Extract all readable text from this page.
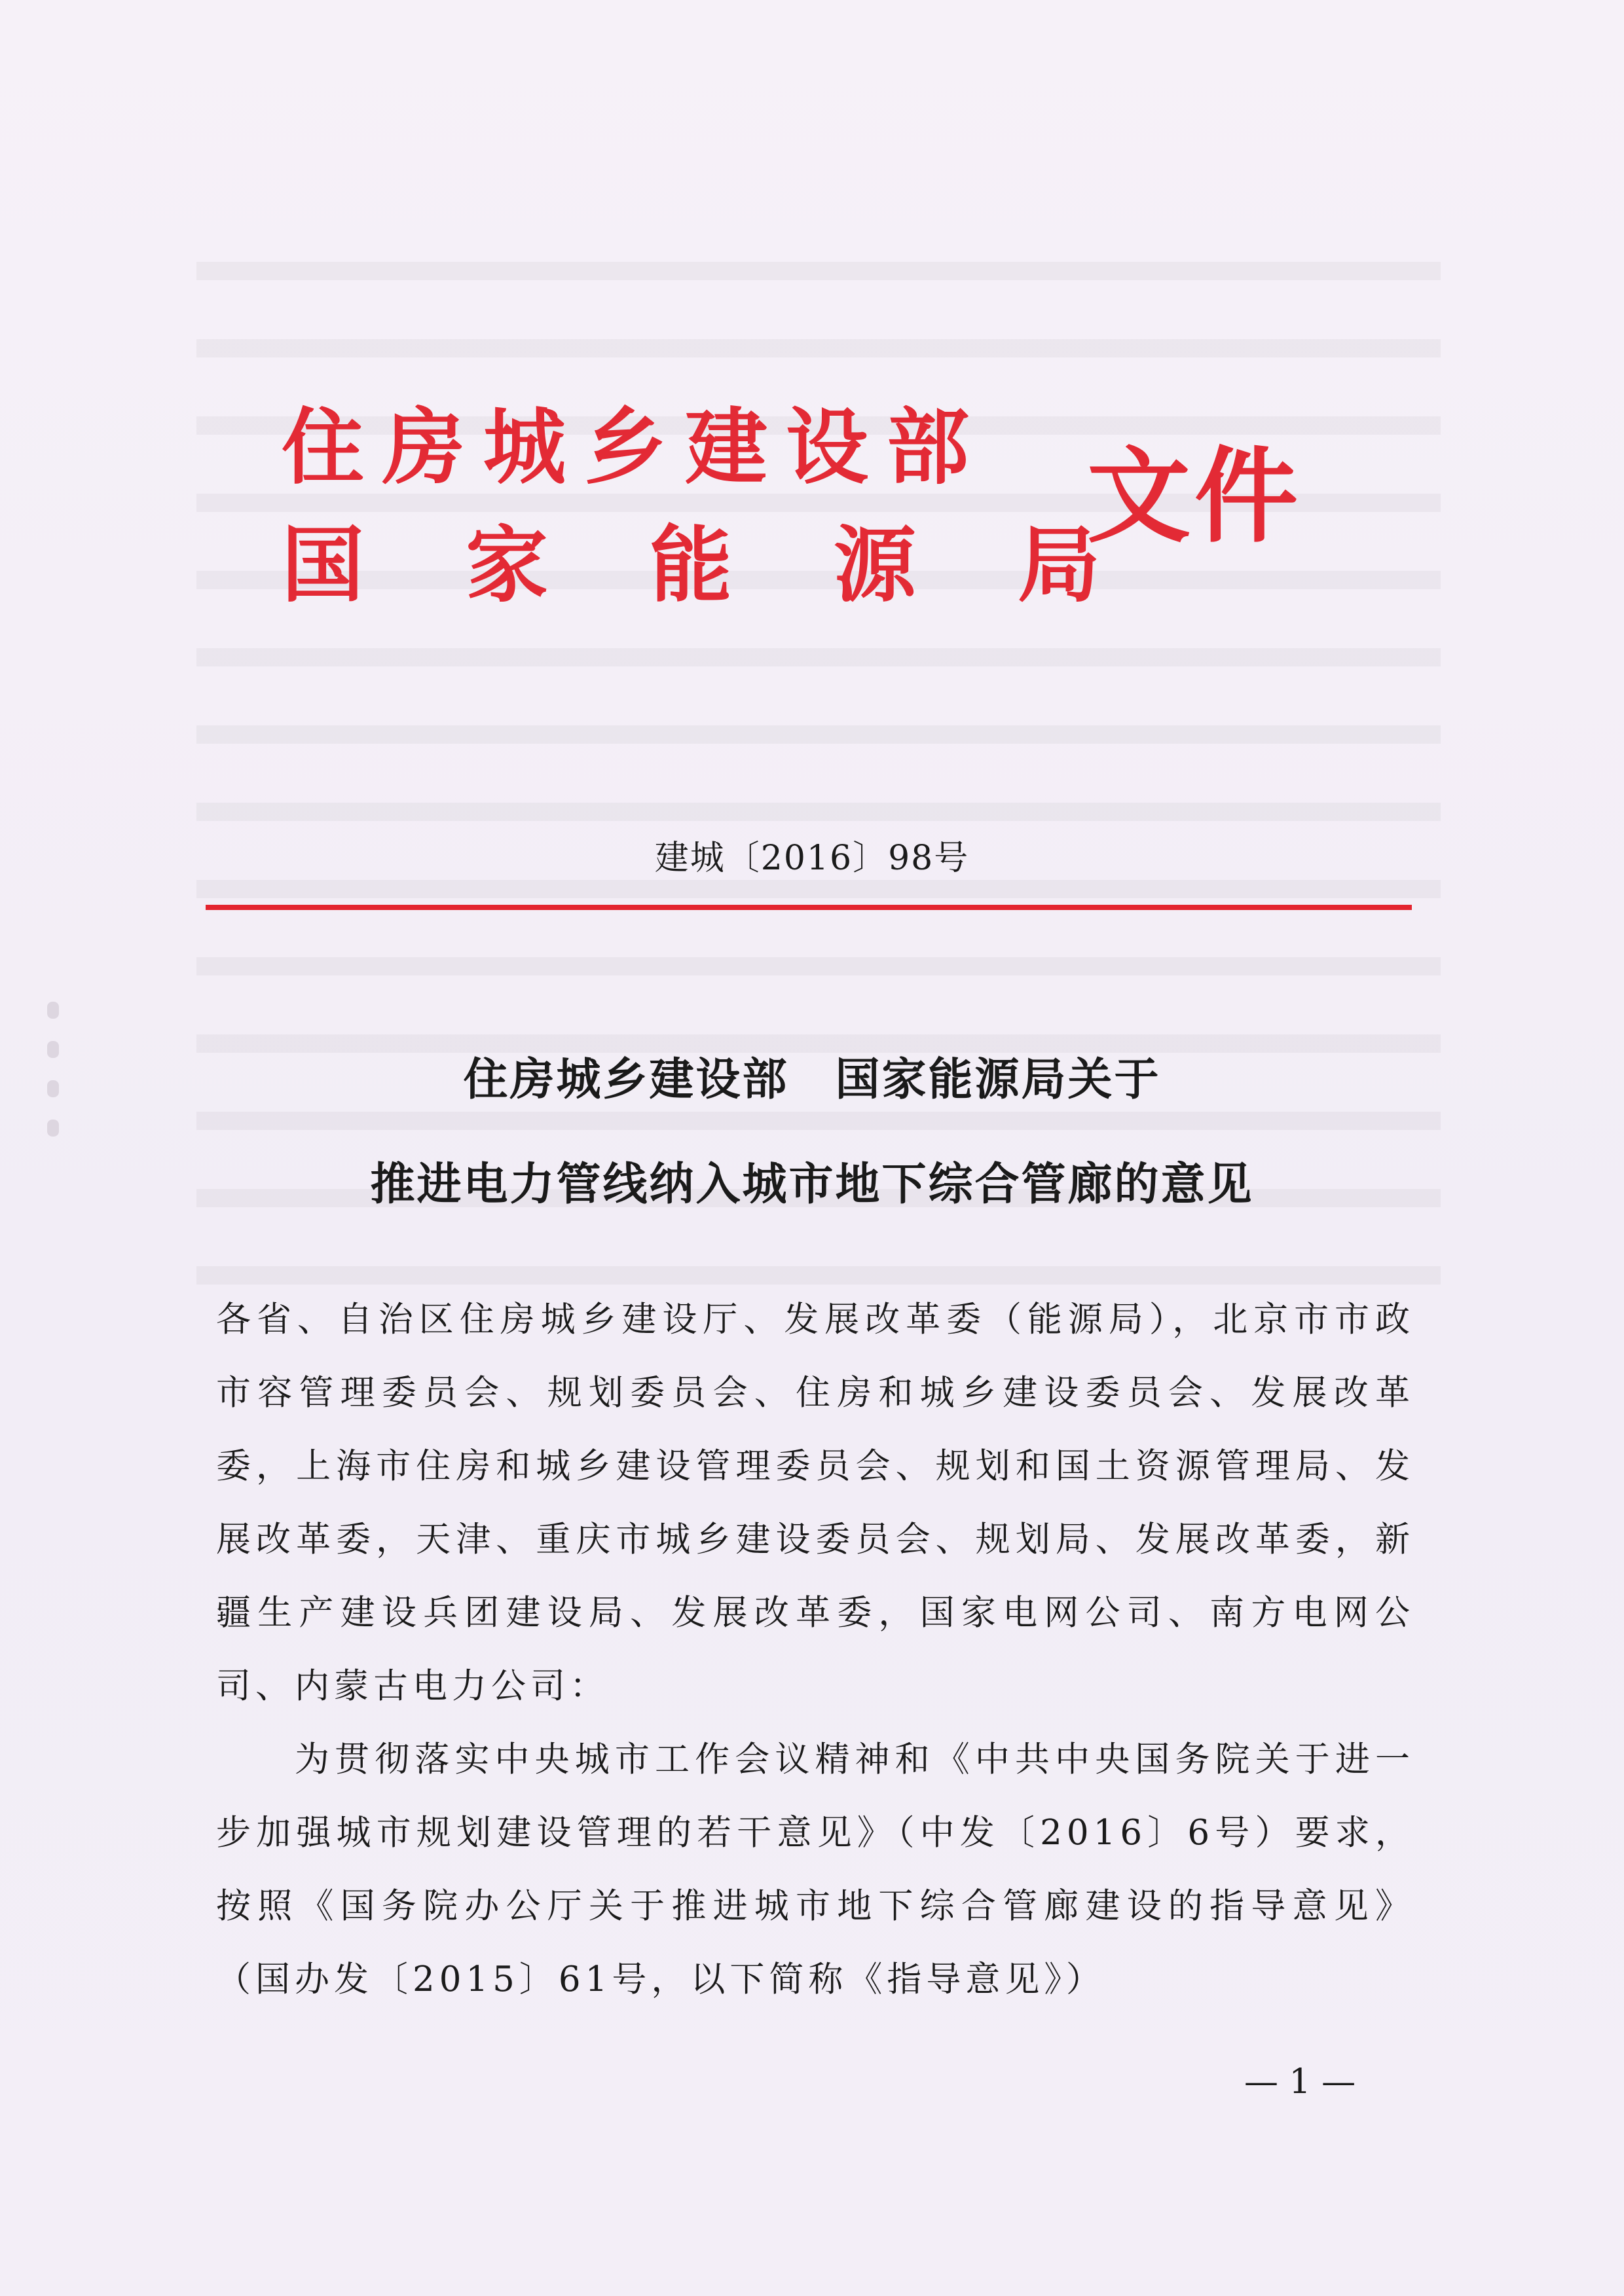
住房城乡建设部

国家能源局

文件

建城〔2016〕98号

住房城乡建设部　国家能源局关于
推进电力管线纳入城市地下综合管廊的意见

各省、自治区住房城乡建设厅、发展改革委（能源局），北京市市政市容管理委员会、规划委员会、住房和城乡建设委员会、发展改革委，上海市住房和城乡建设管理委员会、规划和国土资源管理局、发展改革委，天津、重庆市城乡建设委员会、规划局、发展改革委，新疆生产建设兵团建设局、发展改革委，国家电网公司、南方电网公司、内蒙古电力公司：

为贯彻落实中央城市工作会议精神和《中共中央国务院关于进一步加强城市规划建设管理的若干意见》（中发〔2016〕6号）要求，按照《国务院办公厅关于推进城市地下综合管廊建设的指导意见》（国办发〔2015〕61号，以下简称《指导意见》）

— 1 —
